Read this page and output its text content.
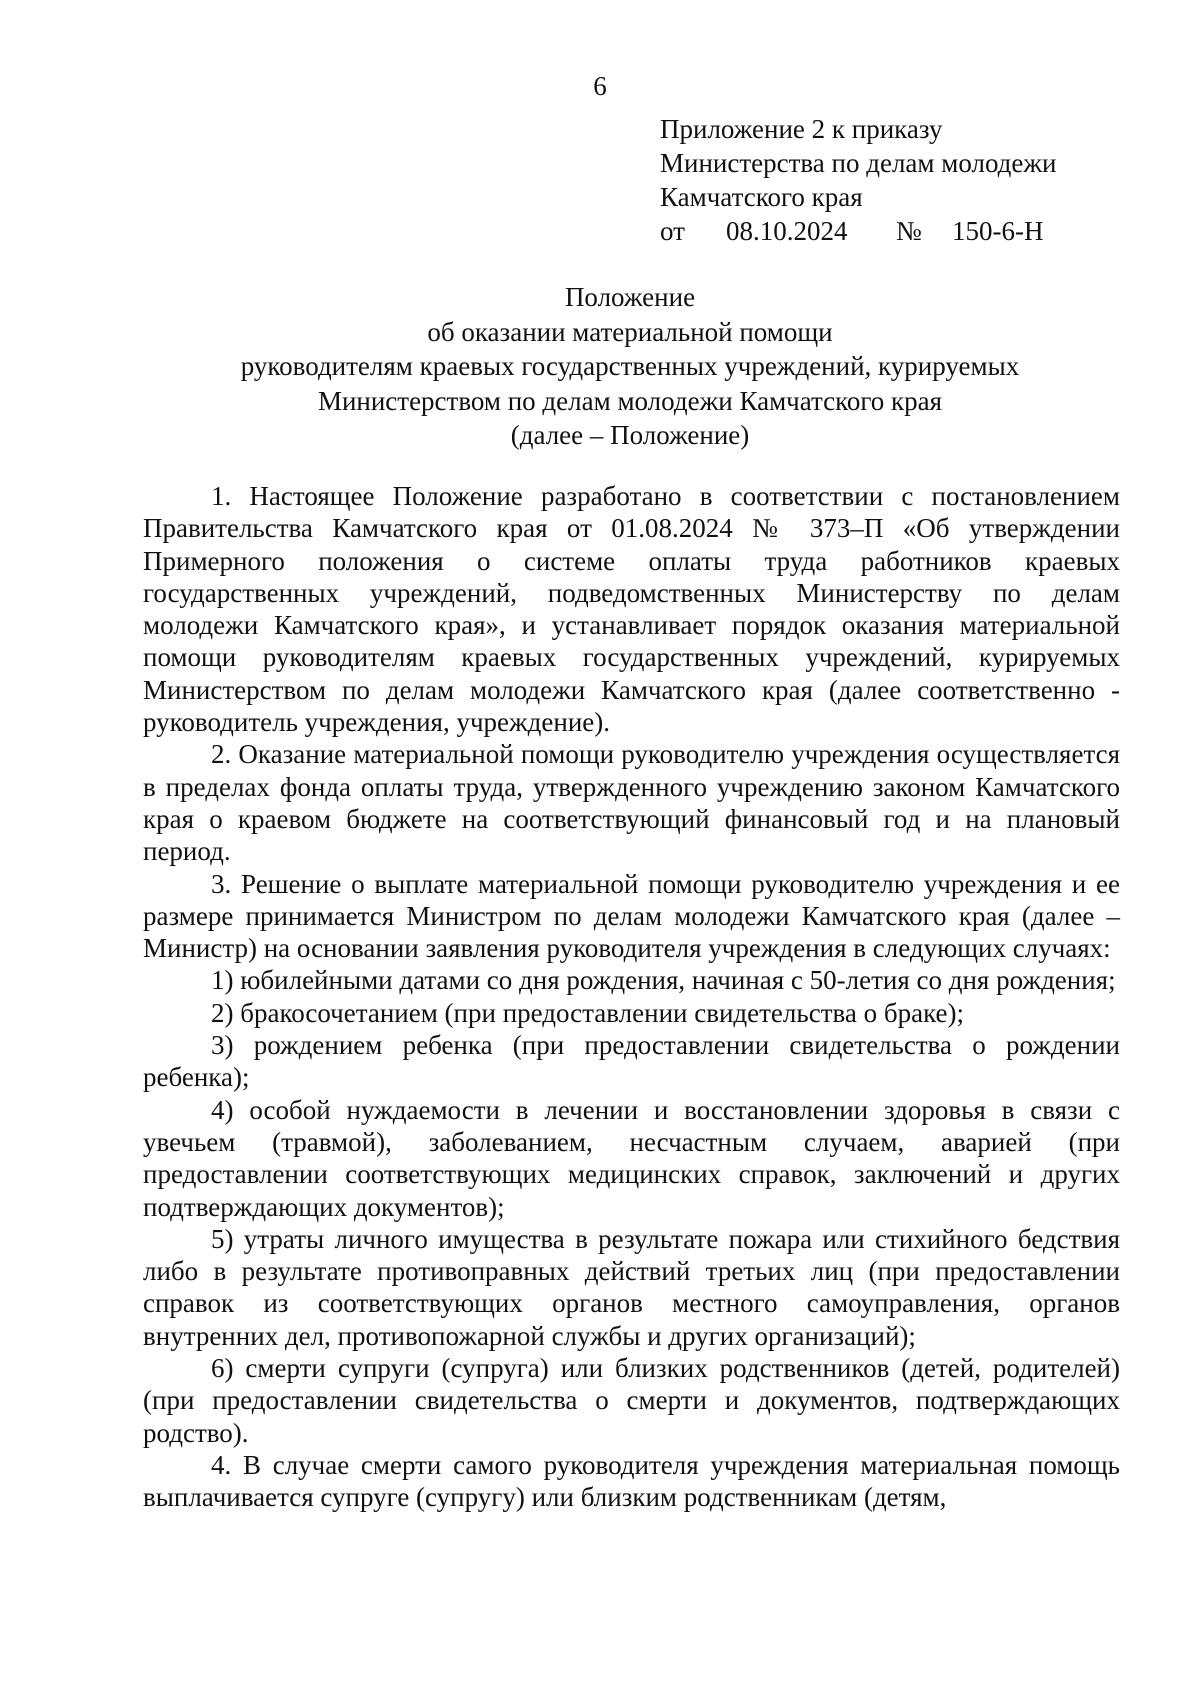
6
Приложение 2 к приказу
Министерства по делам молодежи
Камчатского края
от 08.10.2024 № 150-6-Н
Положение
об оказании материальной помощи
руководителям краевых государственных учреждений, курируемых
Министерством по делам молодежи Камчатского края
(далее – Положение)

1. Настоящее Положение разработано в соответствии с постановлением Правительства Камчатского края от 01.08.2024 № 373–П «Об утверждении Примерного положения о системе оплаты труда работников краевых государственных учреждений, подведомственных Министерству по делам молодежи Камчатского края», и устанавливает порядок оказания материальной помощи руководителям краевых государственных учреждений, курируемых Министерством по делам молодежи Камчатского края (далее соответственно - руководитель учреждения, учреждение).

2. Оказание материальной помощи руководителю учреждения осуществляется в пределах фонда оплаты труда, утвержденного учреждению законом Камчатского края о краевом бюджете на соответствующий финансовый год и на плановый период.

3. Решение о выплате материальной помощи руководителю учреждения и ее размере принимается Министром по делам молодежи Камчатского края (далее – Министр) на основании заявления руководителя учреждения в следующих случаях:

1) юбилейными датами со дня рождения, начиная с 50-летия со дня рождения;

2) бракосочетанием (при предоставлении свидетельства о браке);

3) рождением ребенка (при предоставлении свидетельства о рождении ребенка);

4) особой нуждаемости в лечении и восстановлении здоровья в связи с увечьем (травмой), заболеванием, несчастным случаем, аварией (при предоставлении соответствующих медицинских справок, заключений и других подтверждающих документов);

5) утраты личного имущества в результате пожара или стихийного бедствия либо в результате противоправных действий третьих лиц (при предоставлении справок из соответствующих органов местного самоуправления, органов внутренних дел, противопожарной службы и других организаций);

6) смерти супруги (супруга) или близких родственников (детей, родителей) (при предоставлении свидетельства о смерти и документов, подтверждающих родство).

4. В случае смерти самого руководителя учреждения материальная помощь выплачивается супруге (супругу) или близким родственникам (детям,
